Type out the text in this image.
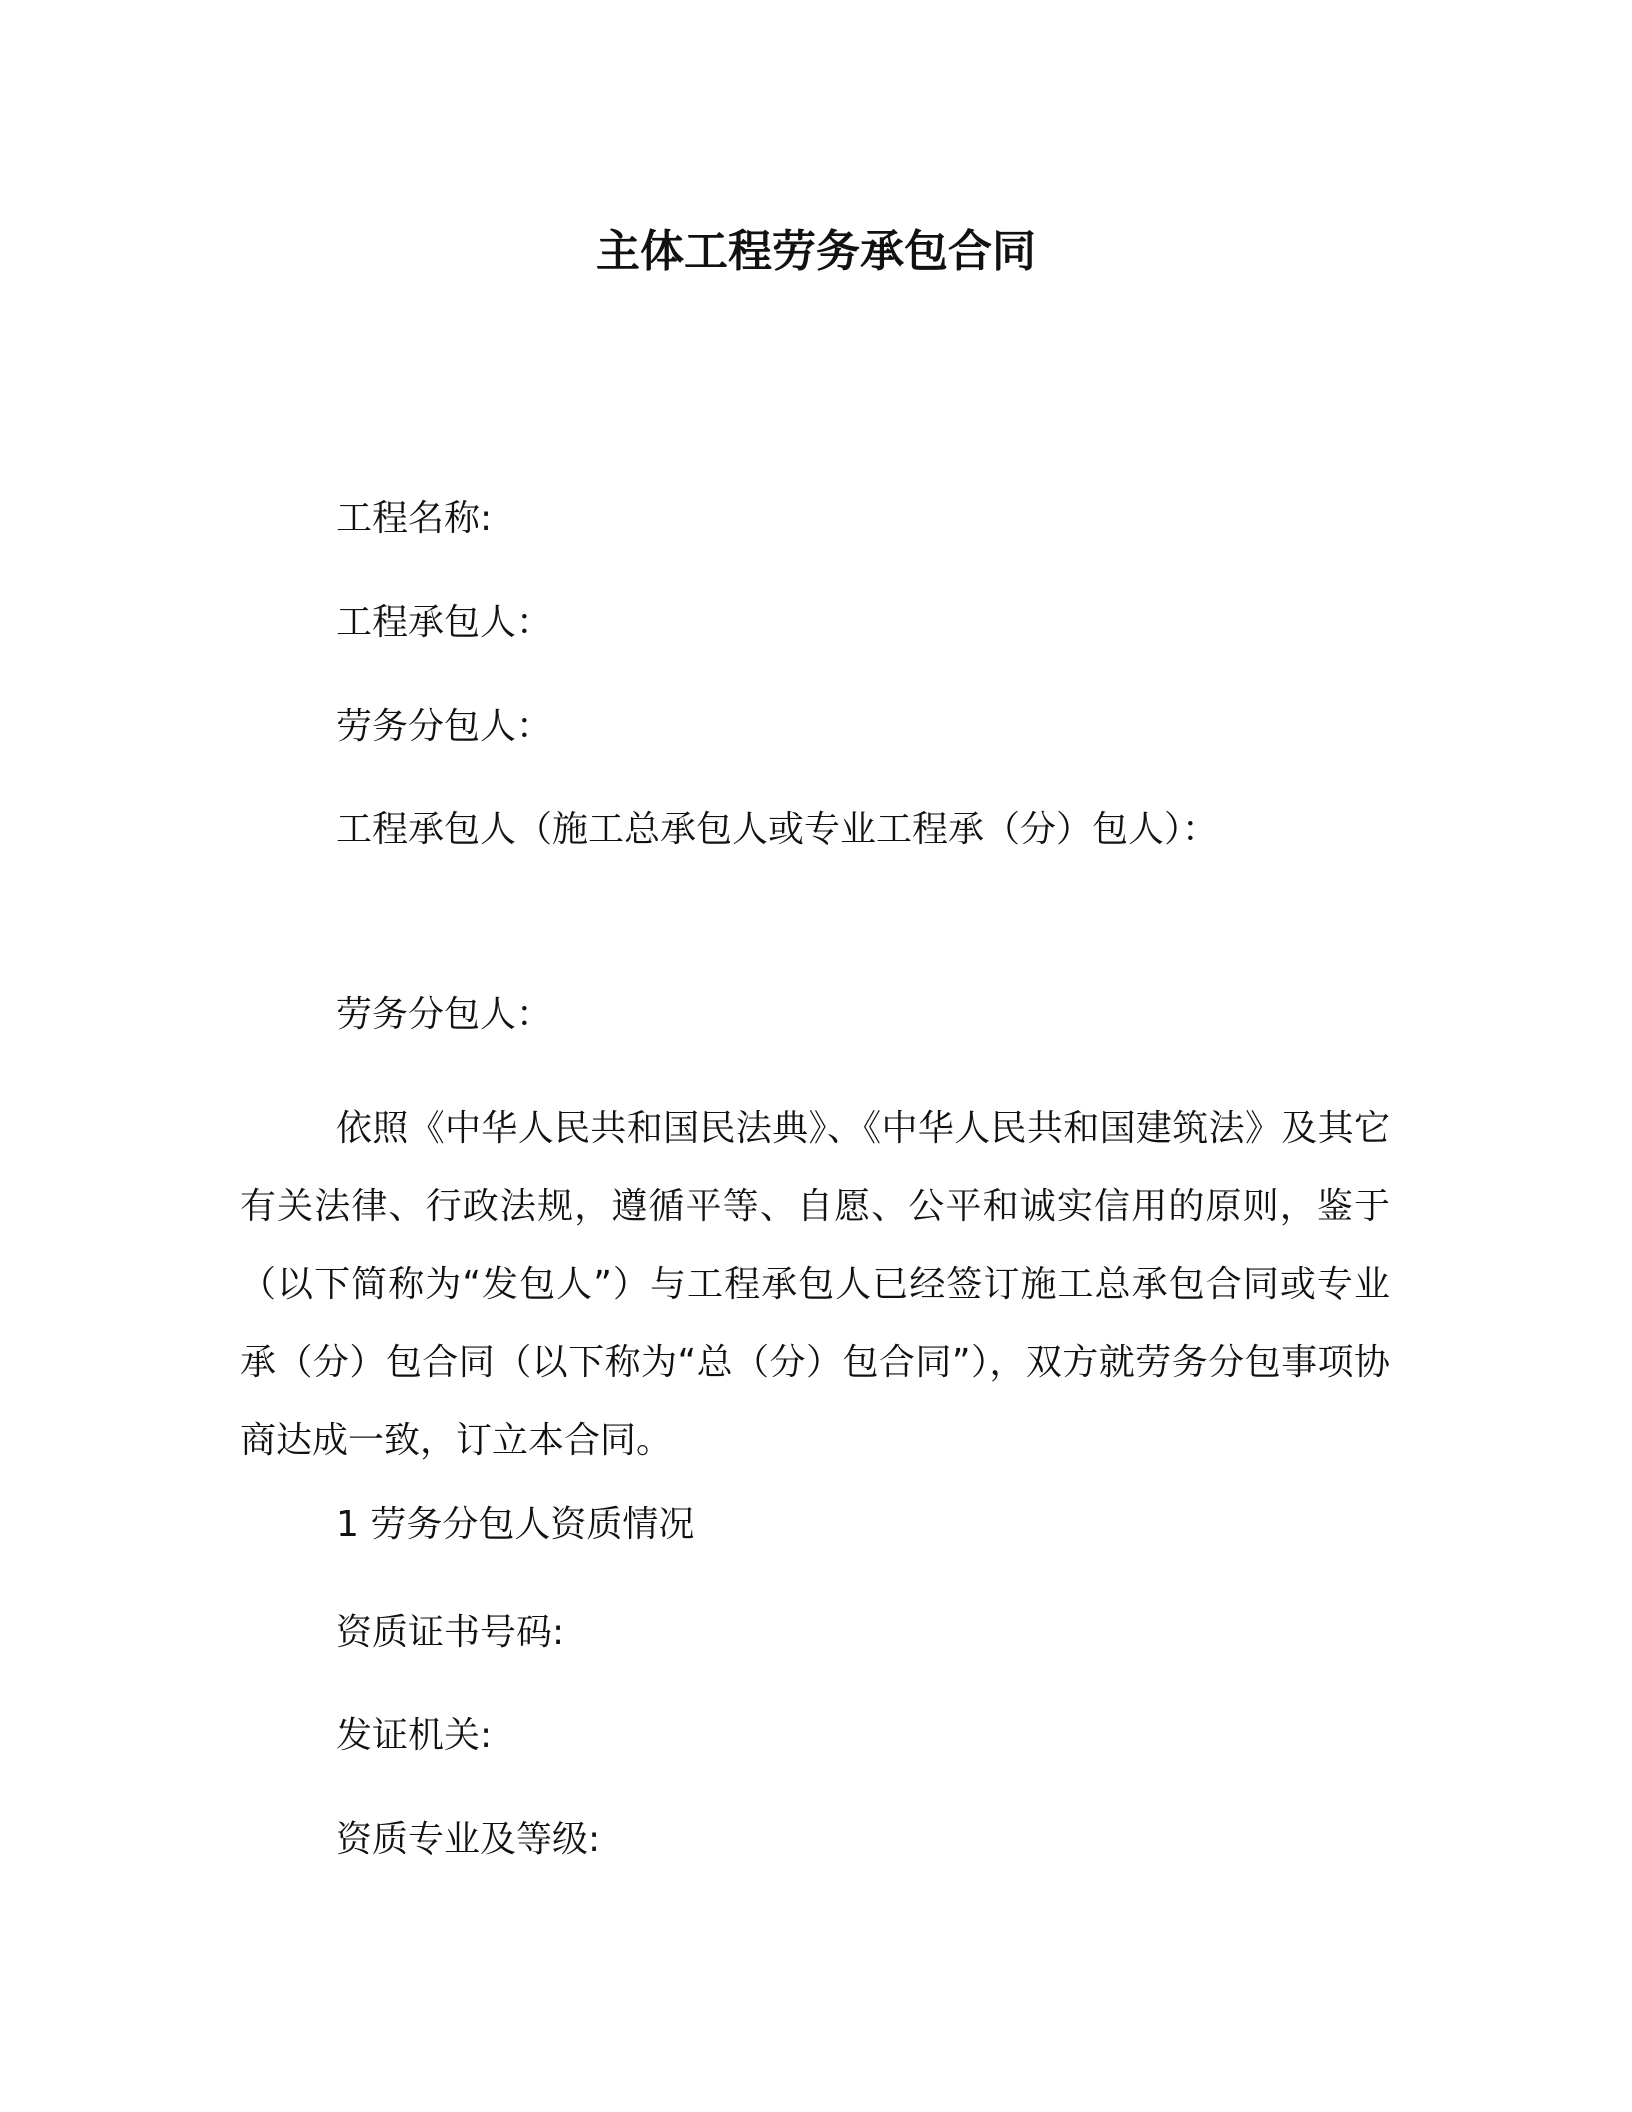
主体工程劳务承包合同
工程名称:
工程承包人：
劳务分包人：
工程承包人（施工总承包人或专业工程承（分）包人）：
劳务分包人：

依照《中华人民共和国民法典》、《中华人民共和国建筑法》及其它有关法律、行政法规，遵循平等、自愿、公平和诚实信用的原则，鉴于 （以下简称为“发包人”）与工程承包人已经签订施工总承包合同或专业承（分）包合同（以下称为“总（分）包合同”），双方就劳务分包事项协商达成一致，订立本合同。

1 劳务分包人资质情况
资质证书号码:
发证机关:
资质专业及等级:
